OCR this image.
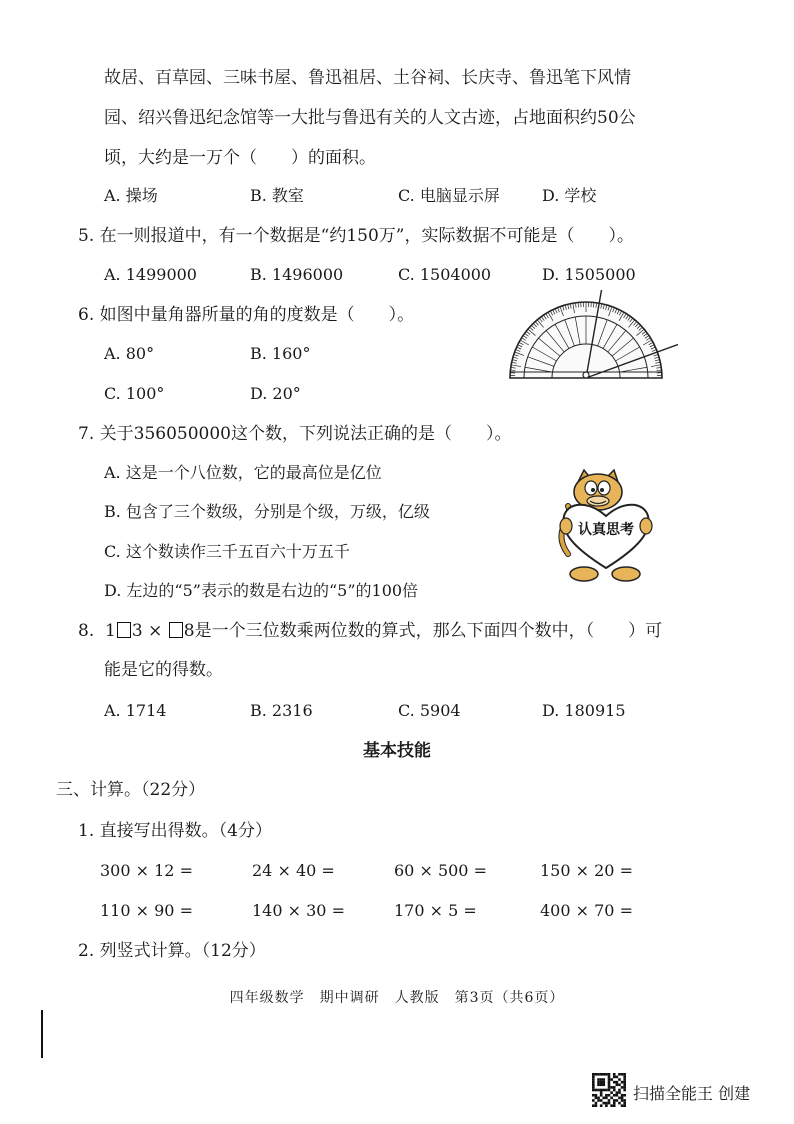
故居、百草园、三味书屋、鲁迅祖居、土谷祠、长庆寺、鲁迅笔下风情
园、绍兴鲁迅纪念馆等一大批与鲁迅有关的人文古迹，占地面积约50公
顷，大约是一万个（　　）的面积。
A. 操场	B. 教室	C. 电脑显示屏	D. 学校
5. 在一则报道中，有一个数据是“约150万”，实际数据不可能是（　　）。
A. 1499000	B. 1496000	C. 1504000	D. 1505000
6. 如图中量角器所量的角的度数是（　　）。
A. 80°	B. 160°
C. 100°	D. 20°
7. 关于356050000这个数，下列说法正确的是（　　）。
A. 这是一个八位数，它的最高位是亿位
B. 包含了三个数级，分别是个级，万级，亿级
C. 这个数读作三千五百六十万五千
D. 左边的“5”表示的数是右边的“5”的100倍
认真思考
8. 1 3 × 8是一个三位数乘两位数的算式，那么下面四个数中，（　　）可
能是它的得数。
A. 1714	B. 2316	C. 5904	D. 180915
基本技能
三、计算。（22分）
1. 直接写出得数。（4分）
300 × 12 =	24 × 40 =	60 × 500 =	150 × 20 =
110 × 90 =	140 × 30 =	170 × 5 =	400 × 70 =
2. 列竖式计算。（12分）
四年级数学　期中调研　人教版　第3页（共6页）
扫描全能王 创建
